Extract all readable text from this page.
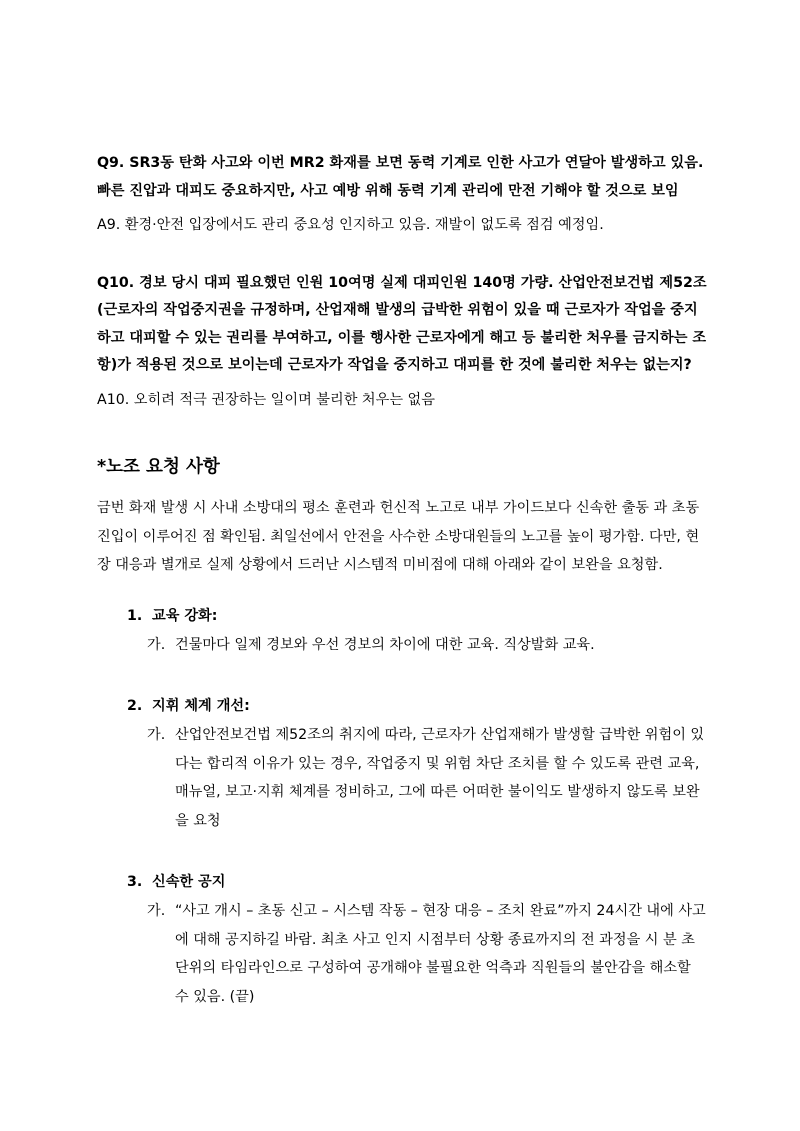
Q9. SR3동 탄화 사고와 이번 MR2 화재를 보면 동력 기계로 인한 사고가 연달아 발생하고 있음. 빠른 진압과 대피도 중요하지만, 사고 예방 위해 동력 기계 관리에 만전 기해야 할 것으로 보임

A9. 환경·안전 입장에서도 관리 중요성 인지하고 있음. 재발이 없도록 점검 예정임.

Q10. 경보 당시 대피 필요했던 인원 10여명 실제 대피인원 140명 가량. 산업안전보건법 제52조(근로자의 작업중지권을 규정하며, 산업재해 발생의 급박한 위험이 있을 때 근로자가 작업을 중지하고 대피할 수 있는 권리를 부여하고, 이를 행사한 근로자에게 해고 등 불리한 처우를 금지하는 조항)가 적용된 것으로 보이는데 근로자가 작업을 중지하고 대피를 한 것에 불리한 처우는 없는지?

A10. 오히려 적극 권장하는 일이며 불리한 처우는 없음

*노조 요청 사항

금번 화재 발생 시 사내 소방대의 평소 훈련과 헌신적 노고로 내부 가이드보다 신속한 출동 과 초동 진입이 이루어진 점 확인됨. 최일선에서 안전을 사수한 소방대원들의 노고를 높이 평가함. 다만, 현장 대응과 별개로 실제 상황에서 드러난 시스템적 미비점에 대해 아래와 같이 보완을 요청함.

1. 교육 강화:
가. 건물마다 일제 경보와 우선 경보의 차이에 대한 교육. 직상발화 교육.
2. 지휘 체계 개선:
가. 산업안전보건법 제52조의 취지에 따라, 근로자가 산업재해가 발생할 급박한 위험이 있다는 합리적 이유가 있는 경우, 작업중지 및 위험 차단 조치를 할 수 있도록 관련 교육, 매뉴얼, 보고·지휘 체계를 정비하고, 그에 따른 어떠한 불이익도 발생하지 않도록 보완을 요청
3. 신속한 공지
가. “사고 개시 – 초동 신고 – 시스템 작동 – 현장 대응 – 조치 완료”까지 24시간 내에 사고에 대해 공지하길 바람. 최초 사고 인지 시점부터 상황 종료까지의 전 과정을 시 분 초 단위의 타임라인으로 구성하여 공개해야 불필요한 억측과 직원들의 불안감을 해소할 수 있음. (끝)
